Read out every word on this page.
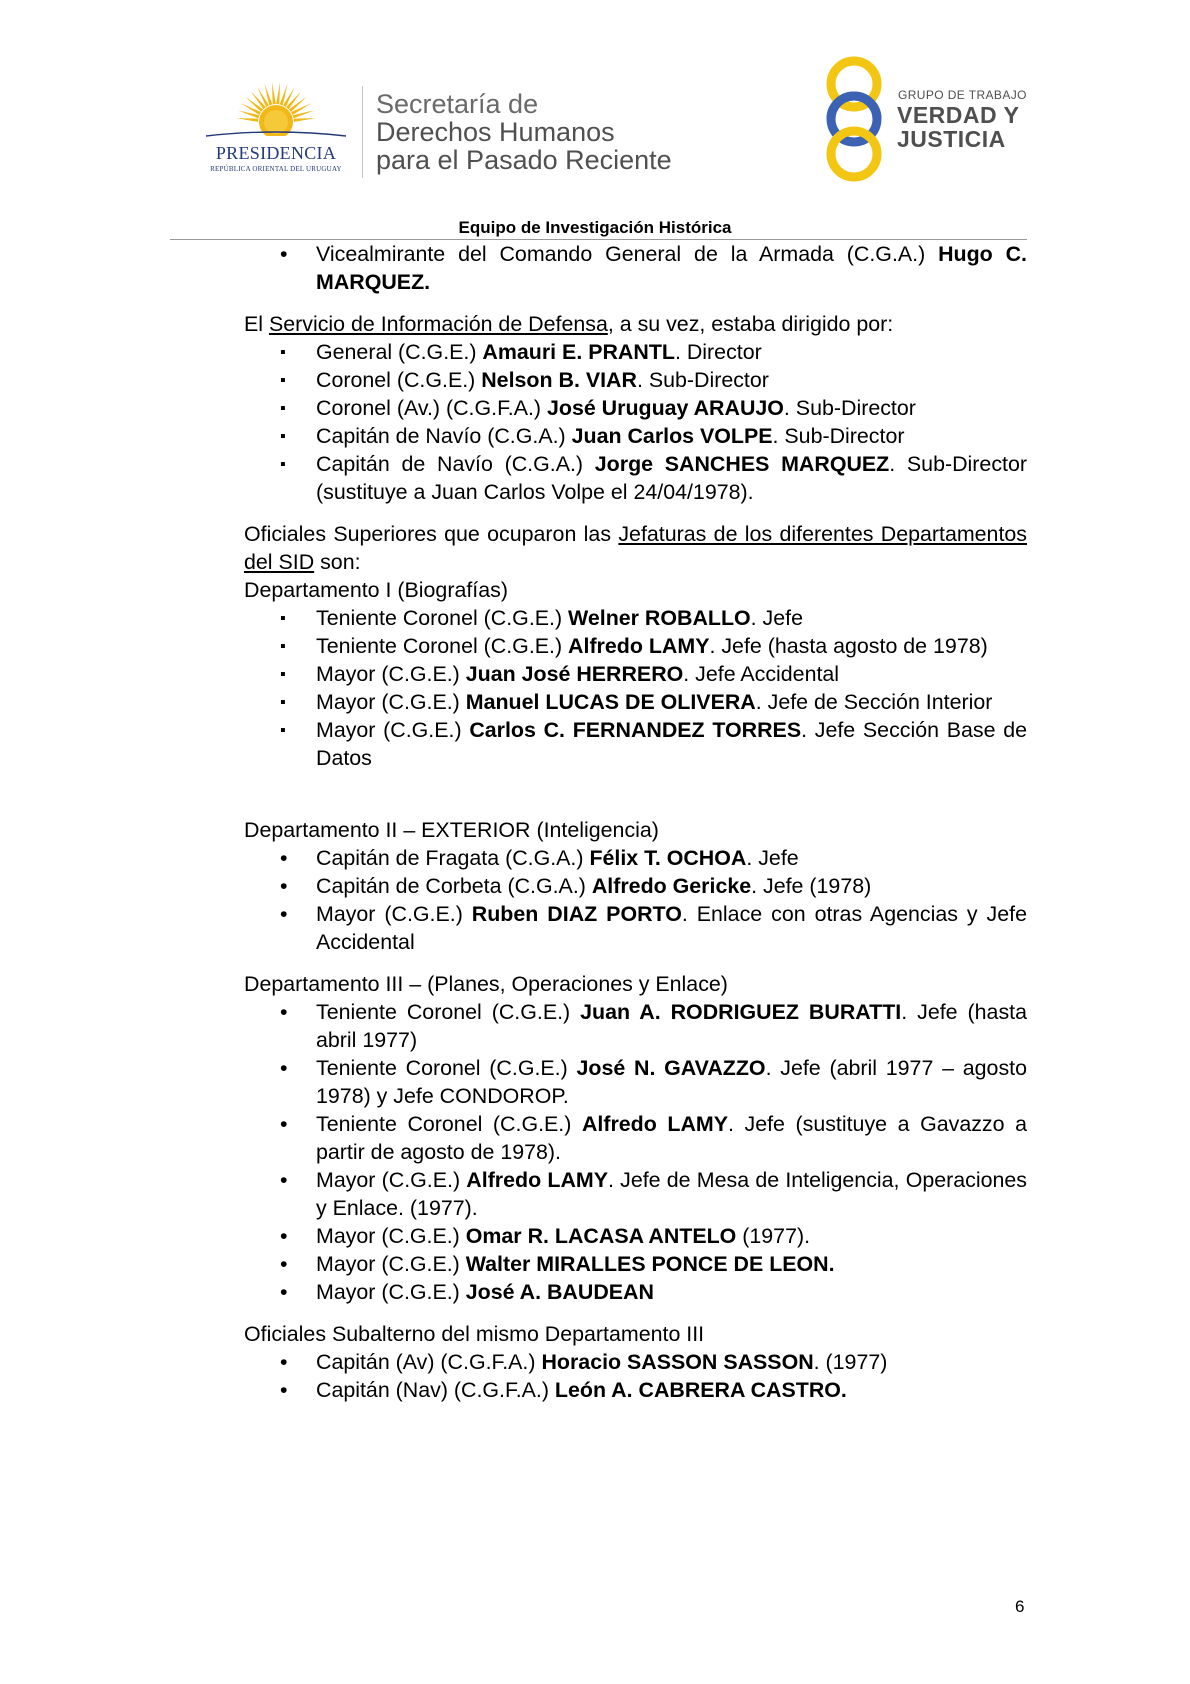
PRESIDENCIA
REPÚBLICA ORIENTAL DEL URUGUAY
Secretaría de
Derechos Humanos
para el Pasado Reciente
GRUPO DE TRABAJO
VERDAD Y
JUSTICIA
Equipo de Investigación Histórica
•	Vicealmirante del Comando General de la Armada (C.G.A.) Hugo C. MARQUEZ.
El Servicio de Información de Defensa, a su vez, estaba dirigido por:
▪	General (C.G.E.) Amauri E. PRANTL. Director
▪	Coronel (C.G.E.) Nelson B. VIAR. Sub-Director
▪	Coronel (Av.) (C.G.F.A.) José Uruguay ARAUJO. Sub-Director
▪	Capitán de Navío (C.G.A.) Juan Carlos VOLPE. Sub-Director
▪	Capitán de Navío (C.G.A.) Jorge SANCHES MARQUEZ. Sub-Director (sustituye a Juan Carlos Volpe el 24/04/1978).
Oficiales Superiores que ocuparon las Jefaturas de los diferentes Departamentos del SID son:
Departamento I (Biografías)
▪	Teniente Coronel (C.G.E.) Welner ROBALLO. Jefe
▪	Teniente Coronel (C.G.E.) Alfredo LAMY. Jefe (hasta agosto de 1978)
▪	Mayor (C.G.E.) Juan José HERRERO. Jefe Accidental
▪	Mayor (C.G.E.) Manuel LUCAS DE OLIVERA. Jefe de Sección Interior
▪	Mayor (C.G.E.) Carlos C. FERNANDEZ TORRES. Jefe Sección Base de Datos
Departamento II – EXTERIOR (Inteligencia)
•	Capitán de Fragata (C.G.A.) Félix T. OCHOA. Jefe
•	Capitán de Corbeta (C.G.A.) Alfredo Gericke. Jefe (1978)
•	Mayor (C.G.E.) Ruben DIAZ PORTO. Enlace con otras Agencias y Jefe Accidental
Departamento III – (Planes, Operaciones y Enlace)
•	Teniente Coronel (C.G.E.) Juan A. RODRIGUEZ BURATTI. Jefe (hasta abril 1977)
•	Teniente Coronel (C.G.E.) José N. GAVAZZO. Jefe (abril 1977 – agosto 1978) y Jefe CONDOROP.
•	Teniente Coronel (C.G.E.) Alfredo LAMY. Jefe (sustituye a Gavazzo a partir de agosto de 1978).
•	Mayor (C.G.E.) Alfredo LAMY. Jefe de Mesa de Inteligencia, Operaciones y Enlace. (1977).
•	Mayor (C.G.E.) Omar R. LACASA ANTELO (1977).
•	Mayor (C.G.E.) Walter MIRALLES PONCE DE LEON.
•	Mayor (C.G.E.) José A. BAUDEAN
Oficiales Subalterno del mismo Departamento III
•	Capitán (Av) (C.G.F.A.) Horacio SASSON SASSON. (1977)
•	Capitán (Nav) (C.G.F.A.) León A. CABRERA CASTRO.
6
